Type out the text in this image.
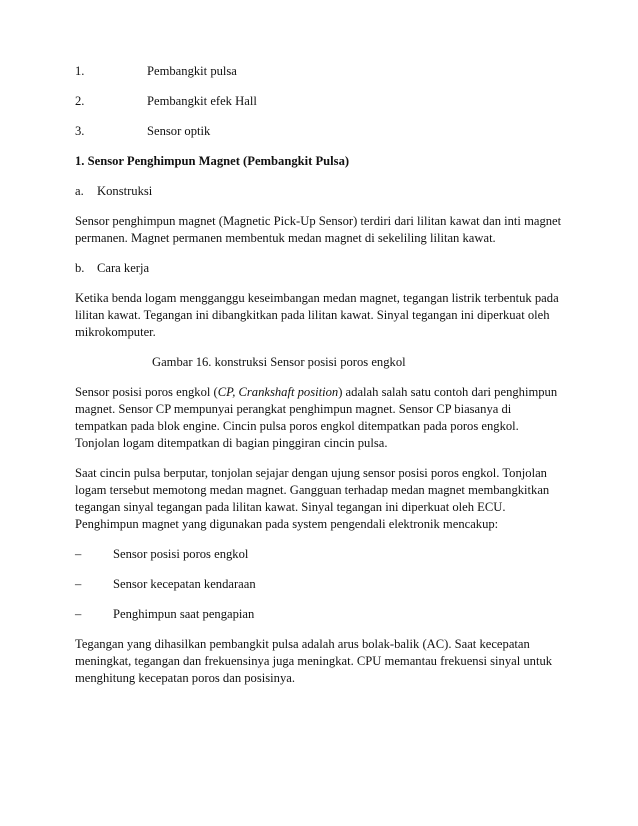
1.	Pembangkit pulsa
2.	Pembangkit efek Hall
3.	Sensor optik
1. Sensor Penghimpun Magnet (Pembangkit Pulsa)
a.	Konstruksi

Sensor penghimpun magnet (Magnetic Pick-Up Sensor) terdiri dari lilitan kawat dan inti magnet
permanen. Magnet permanen membentuk medan magnet di sekeliling lilitan kawat.

b. Cara kerja

Ketika benda logam mengganggu keseimbangan medan magnet, tegangan listrik terbentuk pada
lilitan kawat. Tegangan ini dibangkitkan pada lilitan kawat. Sinyal tegangan ini diperkuat oleh
mikrokomputer.

Gambar 16. konstruksi Sensor posisi poros engkol

Sensor posisi poros engkol (CP, Crankshaft position) adalah salah satu contoh dari penghimpun
magnet. Sensor CP mempunyai perangkat penghimpun magnet. Sensor CP biasanya di
tempatkan pada blok engine. Cincin pulsa poros engkol ditempatkan pada poros engkol.
Tonjolan logam ditempatkan di bagian pinggiran cincin pulsa.

Saat cincin pulsa berputar, tonjolan sejajar dengan ujung sensor posisi poros engkol. Tonjolan
logam tersebut memotong medan magnet. Gangguan terhadap medan magnet membangkitkan
tegangan sinyal tegangan pada lilitan kawat. Sinyal tegangan ini diperkuat oleh ECU.
Penghimpun magnet yang digunakan pada system pengendali elektronik mencakup:

–	Sensor posisi poros engkol
–	Sensor kecepatan kendaraan
–	Penghimpun saat pengapian

Tegangan yang dihasilkan pembangkit pulsa adalah arus bolak-balik (AC). Saat kecepatan
meningkat, tegangan dan frekuensinya juga meningkat. CPU memantau frekuensi sinyal untuk
menghitung kecepatan poros dan posisinya.
